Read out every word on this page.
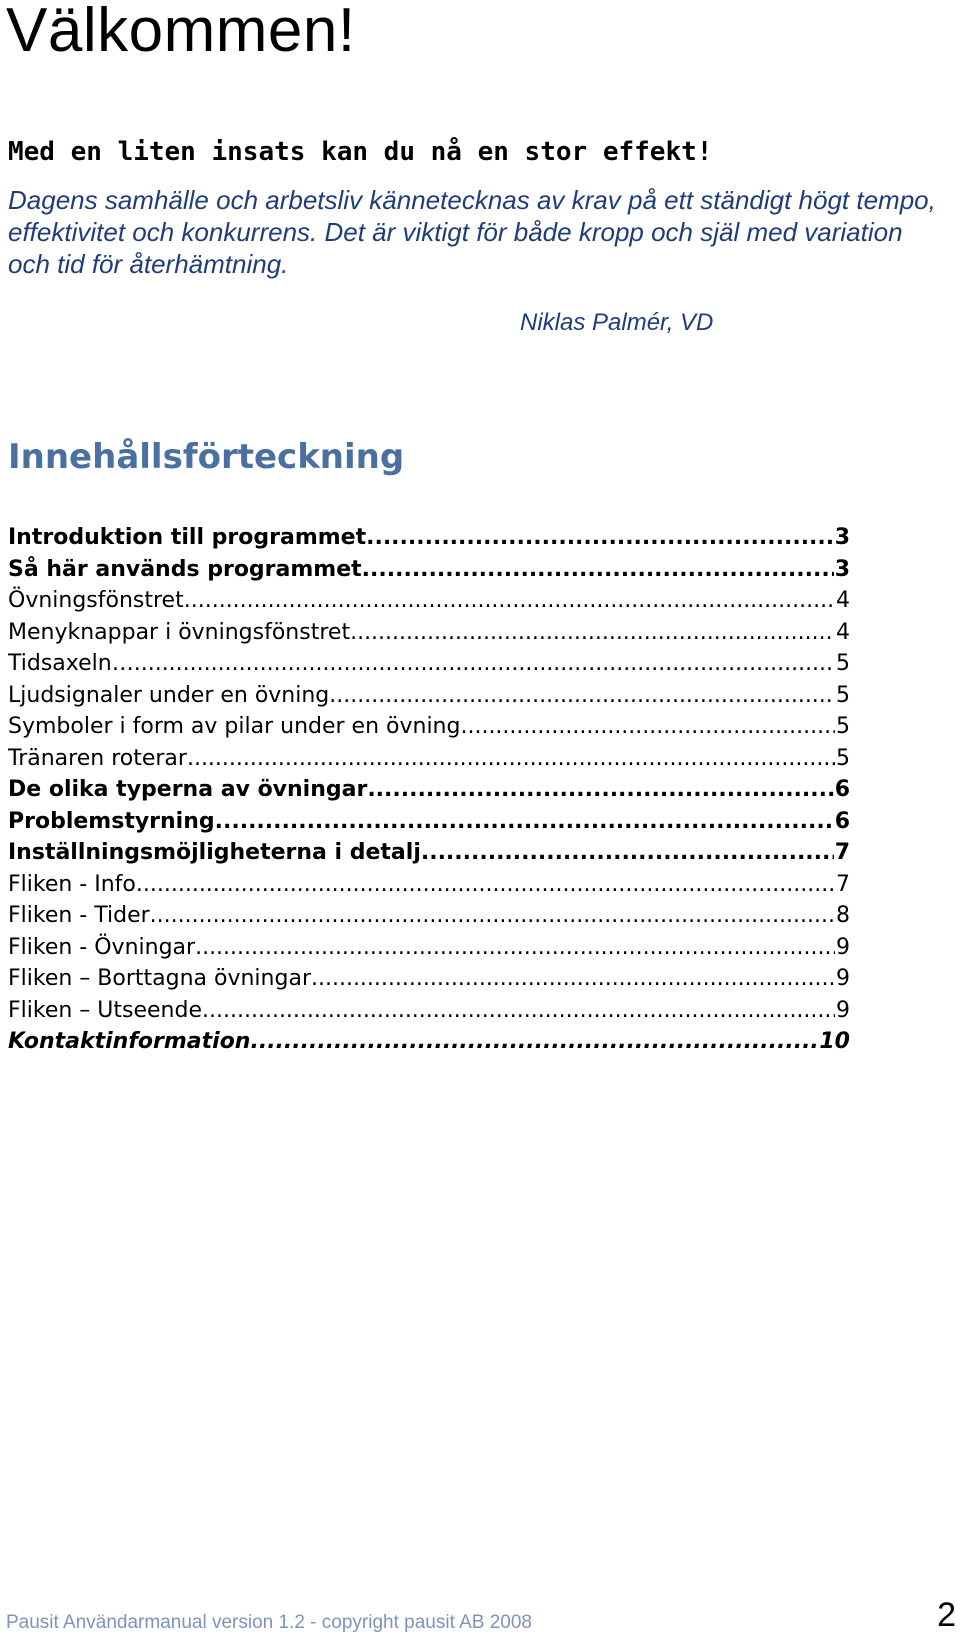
Välkommen!
Med en liten insats kan du nå en stor effekt!

Dagens samhälle och arbetsliv kännetecknas av krav på ett ständigt högt tempo, effektivitet och konkurrens. Det är viktigt för både kropp och själ med variation och tid för återhämtning.

Niklas Palmér, VD

Innehållsförteckning
Introduktion till programmet .....	3
Så här används programmet .....	3
Övningsfönstret .....	4
Menyknappar i övningsfönstret .....	4
Tidsaxeln… .....	5
Ljudsignaler under en övning .....	5
Symboler i form av pilar under en övning .....	5
Tränaren roterar .....	5
De olika typerna av övningar .....	6
Problemstyrning .....	6
Inställningsmöjligheterna i detalj .....	7
Fliken - Info .....	7
Fliken - Tider .....	8
Fliken - Övningar .....	9
Fliken – Borttagna övningar .....	9
Fliken – Utseende .....	9
Kontaktinformation .....	10

Pausit Användarmanual version 1.2 - copyright pausit AB 2008	2
